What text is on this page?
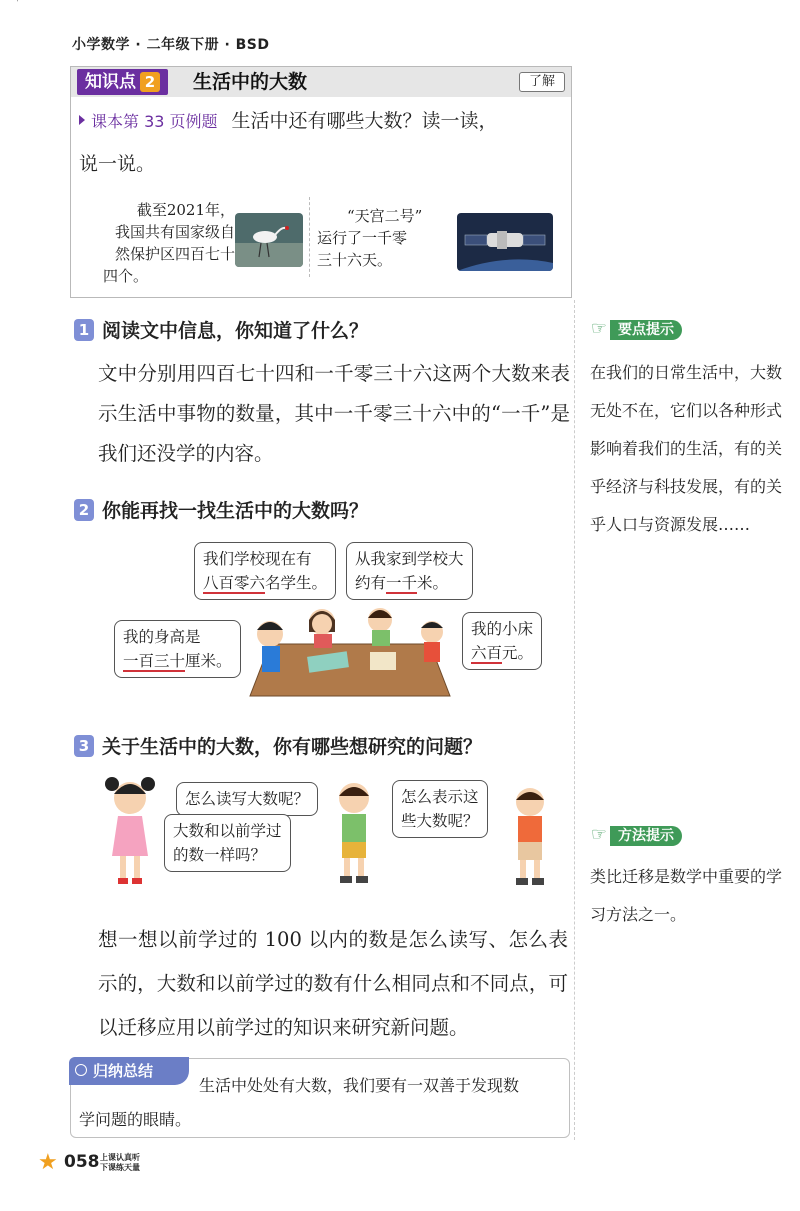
小学数学 · 二年级下册 · BSD
知识点 2	生活中的大数	了解
课本第 33 页例题 生活中还有哪些大数？读一读，
说一说。
截至2021年，
我国共有国家级自
然保护区四百七十
四个。
“天宫二号”
运行了一千零
三十六天。
1 阅读文中信息，你知道了什么？
文中分别用四百七十四和一千零三十六这两个大数来表示生活中事物的数量，其中一千零三十六中的“一千”是我们还没学的内容。
2 你能再找一找生活中的大数吗？
我们学校现在有
八百零六名学生。
从我家到学校大
约有一千米。
我的身高是
一百三十厘米。
我的小床
六百元。
3 关于生活中的大数，你有哪些想研究的问题？
怎么读写大数呢？
大数和以前学过
的数一样吗？
怎么表示这
些大数呢？
想一想以前学过的 100 以内的数是怎么读写、怎么表示的，大数和以前学过的数有什么相同点和不同点，可以迁移应用以前学过的知识来研究新问题。
归纳总结
生活中处处有大数，我们要有一双善于发现数
学问题的眼睛。
☞ 要点提示
在我们的日常生活中，大数无处不在，它们以各种形式影响着我们的生活，有的关乎经济与科技发展，有的关乎人口与资源发展……
☞ 方法提示
类比迁移是数学中重要的学习方法之一。
★ 058 上课认真听
下课练天量
